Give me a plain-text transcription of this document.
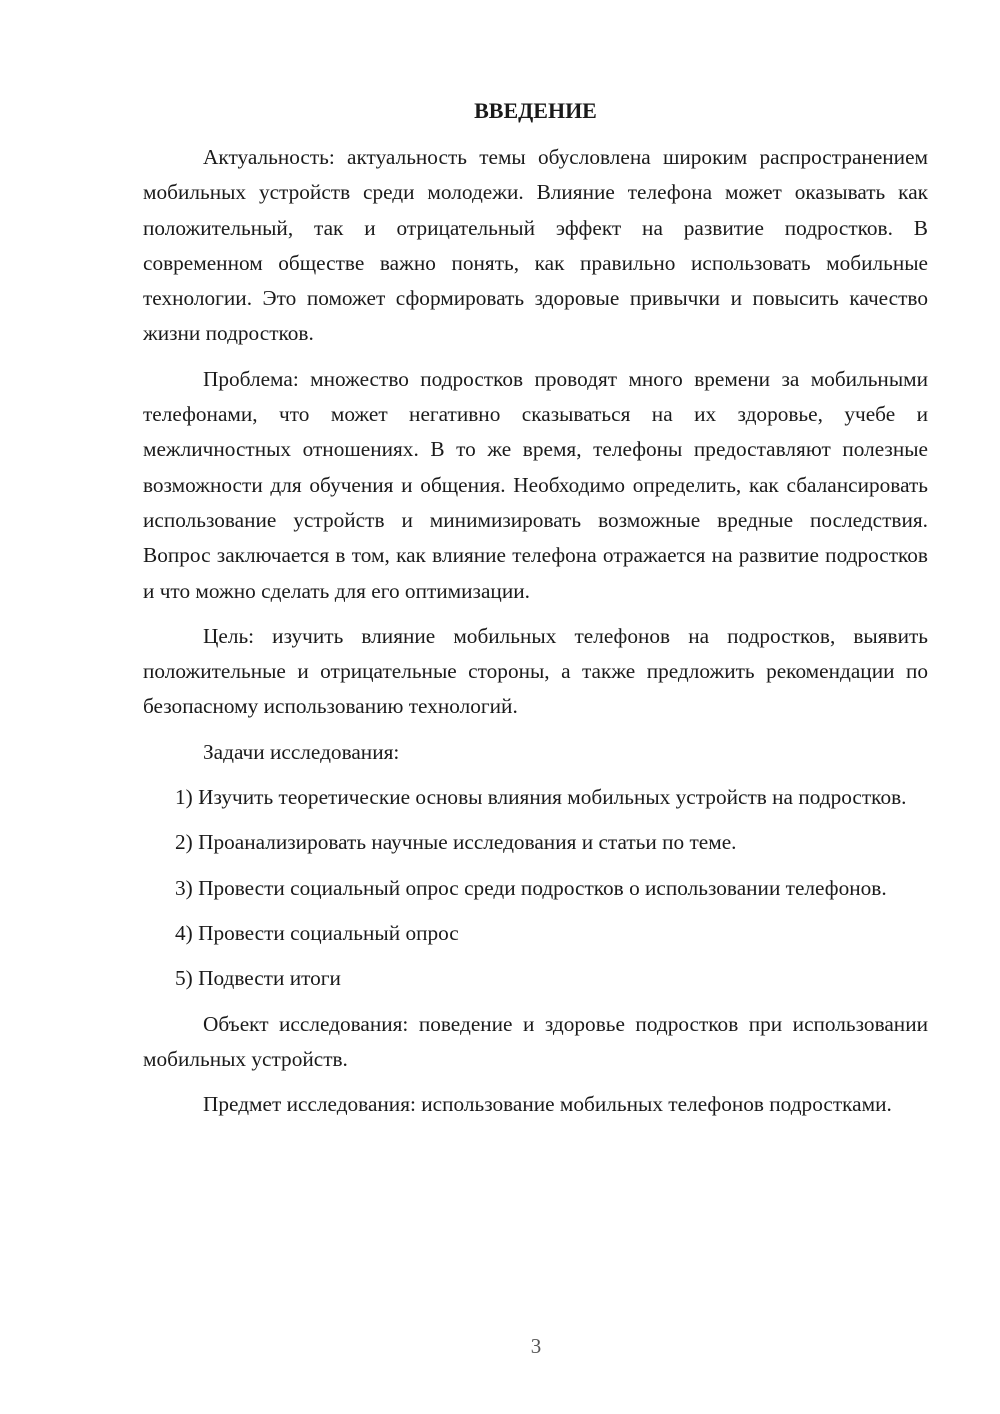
ВВЕДЕНИЕ

Актуальность: актуальность темы обусловлена широким распространением мобильных устройств среди молодежи. Влияние телефона может оказывать как положительный, так и отрицательный эффект на развитие подростков. В современном обществе важно понять, как правильно использовать мобильные технологии. Это поможет сформировать здоровые привычки и повысить качество жизни подростков.

Проблема: множество подростков проводят много времени за мобильными телефонами, что может негативно сказываться на их здоровье, учебе и межличностных отношениях. В то же время, телефоны предоставляют полезные возможности для обучения и общения. Необходимо определить, как сбалансировать использование устройств и минимизировать возможные вредные последствия. Вопрос заключается в том, как влияние телефона отражается на развитие подростков и что можно сделать для его оптимизации.

Цель: изучить влияние мобильных телефонов на подростков, выявить положительные и отрицательные стороны, а также предложить рекомендации по безопасному использованию технологий.

Задачи исследования:

1) Изучить теоретические основы влияния мобильных устройств на подростков.

2) Проанализировать научные исследования и статьи по теме.

3) Провести социальный опрос среди подростков о использовании телефонов.

4) Провести социальный опрос

5) Подвести итоги

Объект исследования: поведение и здоровье подростков при использовании мобильных устройств.

Предмет исследования: использование мобильных телефонов подростками.

3
